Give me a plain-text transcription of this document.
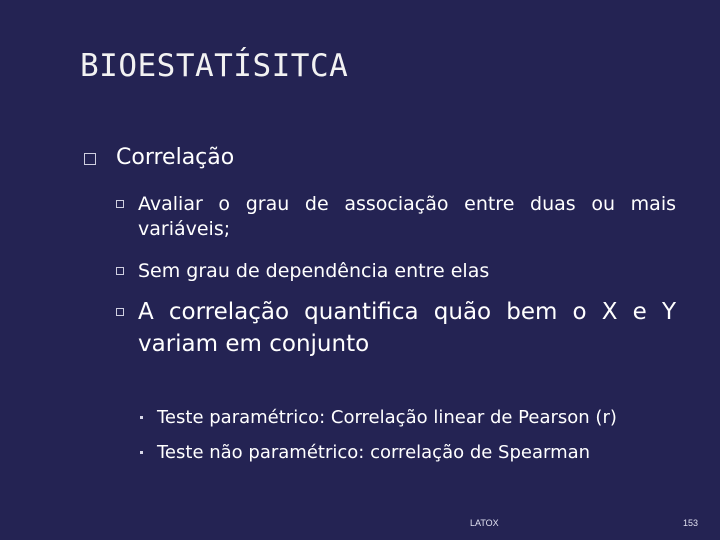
BIOESTATÍSITCA
Correlação
Avaliar o grau de associação entre duas ou mais
variáveis;
Sem grau de dependência entre elas
A correlação quantifica quão bem o X e Y
variam em conjunto
Teste paramétrico: Correlação linear de Pearson (r)
Teste não paramétrico: correlação de Spearman
LATOX	153
